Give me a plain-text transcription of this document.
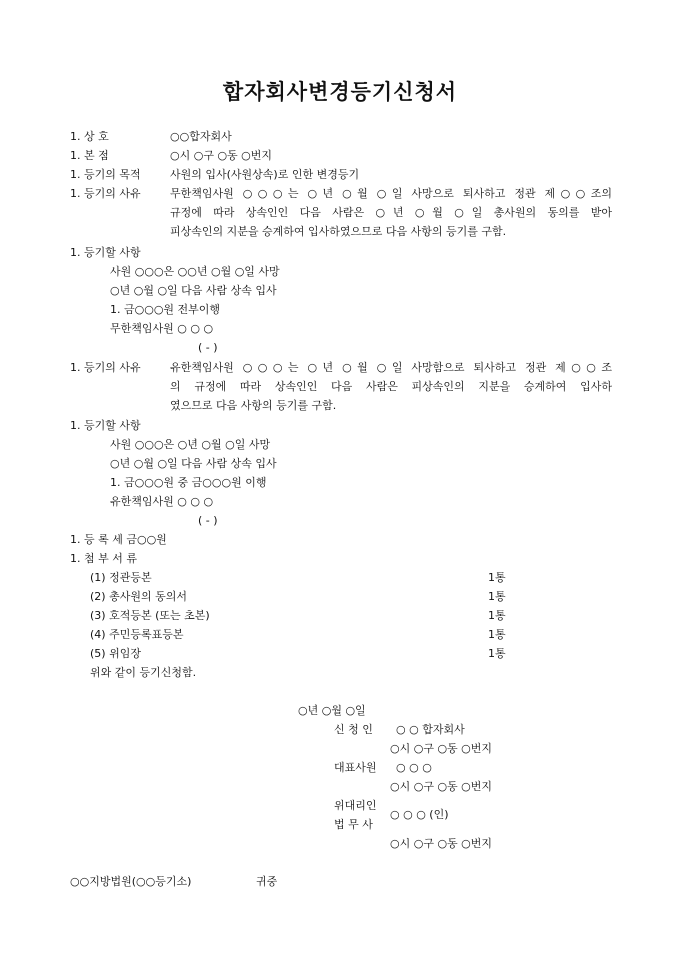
합자회사변경등기신청서
1. 상 호	○○합자회사
1. 본 점	○시 ○구 ○동 ○번지
1. 등기의 목적	사원의 입사(사원상속)로 인한 변경등기
1. 등기의 사유	무한책임사원 ○○○는 ○년 ○월 ○일 사망으로 퇴사하고 정관 제○○조의
규정에 따라 상속인인 다음 사람은 ○년 ○월 ○일 총사원의 동의를 받아
피상속인의 지분을 승계하여 입사하였으므로 다음 사항의 등기를 구함.
1. 등기할 사항
사원 ○○○은 ○○년 ○월 ○일 사망
○년 ○월 ○일 다음 사람 상속 입사
1. 금○○○원 전부이행
무한책임사원 ○ ○ ○
( - )
1. 등기의 사유	유한책임사원 ○○○는 ○년 ○월 ○일 사망함으로 퇴사하고 정관 제○○조
의 규정에 따라 상속인인 다음 사람은 피상속인의 지분을 승계하여 입사하
였으므로 다음 사항의 등기를 구함.
1. 등기할 사항
사원 ○○○은 ○년 ○월 ○일 사망
○년 ○월 ○일 다음 사람 상속 입사
1. 금○○○원 중 금○○○원 이행
유한책임사원 ○ ○ ○
( - )
1. 등 록 세 금○○원
1. 첨 부 서 류
(1) 정관등본	1통
(2) 총사원의 동의서	1통
(3) 호적등본 (또는 초본)	1통
(4) 주민등록표등본	1통
(5) 위임장	1통
위와 같이 등기신청함.
○년 ○월 ○일
신 청 인 ○ ○ 합자회사
○시 ○구 ○동 ○번지
대표사원 ○ ○ ○
○시 ○구 ○동 ○번지
위대리인
법 무 사
○ ○ ○ (인)
○시 ○구 ○동 ○번지
○○지방법원(○○등기소)	귀중
